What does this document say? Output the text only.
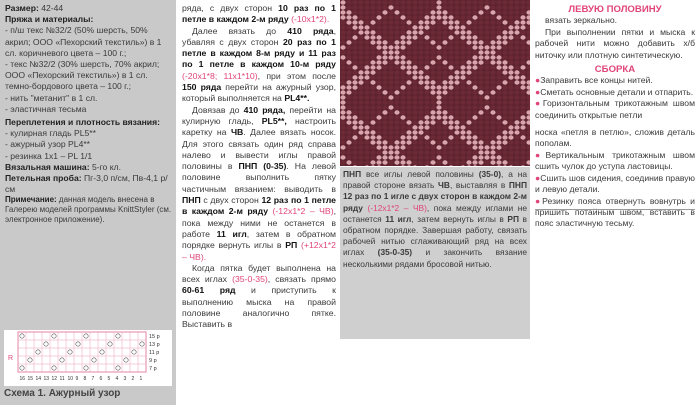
Размер: 42-44

Пряжа и материалы:

- п/ш текс №32/2 (50% шерсть, 50% акрил; ООО «Пехорский текстиль») в 1 сл. коричневого цвета – 100 г.;

- текс №32/2 (30% шерсть, 70% акрил; ООО «Пехорский текстиль») в 1 сл. темно-бордового цвета – 100 г.;

- нить "метанит" в 1 сл.

- эластичная тесьма

Переплетения и плотность вязания:

- кулирная гладь PL5**

- ажурный узор PL4**

- резинка 1х1 – PL 1/1

Вязальная машина: 5-го кл.

Петельная проба: Пг-3,0 п/см, Пв-4,1 р/см

Примечание: данная модель внесена в Галерею моделей программы KnittStyler (см. электронное приложение).

15 р
13 р
11 р
9 р
7 р
16 15 14 13 12 11 10 9 8 7 6 5 4 3 2 1
R
Схема 1. Ажурный узор

ряда, с двух сторон 10 раз по 1 петле в каждом 2-м ряду (-10х1*2).

Далее вязать до 410 ряда, убавляя с двух сторон 20 раз по 1 петле в каждом 8-м ряду и 11 раз по 1 петле в каждом 10-м ряду (-20х1*8; 11х1*10), при этом после 150 ряда перейти на ажурный узор, который выполняется на PL4**.

Довязав до 410 ряда, перейти на кулирную гладь, PL5**, настроить каретку на ЧВ. Далее вязать носок. Для этого связать один ряд справа налево и вывести иглы правой половины в ПНП (0-35). На левой половине выполнить пятку частичным вязанием: выводить в ПНП с двух сторон 12 раз по 1 петле в каждом 2-м ряду (-12х1*2 – ЧВ), пока между ними не останется в работе 11 игл, затем в обратном порядке вернуть иглы в РП (+12х1*2 – ЧВ).

Когда пятка будет выполнена на всех иглах (35-0-35), связать прямо 60-61 ряд и приступить к выполнению мыска на правой половине аналогично пятке. Выставить в

ПНП все иглы левой половины (35-0), а на правой стороне вязать ЧВ, выставляя в ПНП 12 раз по 1 игле с двух сторон в каждом 2-м ряду (-12х1*2 – ЧВ), пока между иглами не останется 11 игл, затем вернуть иглы в РП в обратном порядке. Завершая работу, связать рабочей нитью сглаживающий ряд на всех иглах (35-0-35) и закончить вязание несколькими рядами бросовой нитью.

ЛЕВУЮ ПОЛОВИНУ

вязать зеркально.

При выполнении пятки и мыска к рабочей нити можно добавить х/б ниточку или плотную синтетическую.

СБОРКА

●Заправить все концы нитей.

●Сметать основные детали и отпарить.

●Горизонтальным трикотажным швом соединить открытые петли

носка «петля в петлю», сложив деталь пополам.

●Вертикальным трикотажным швом сшить чулок до уступа ластовицы.

●Сшить шов сидения, соединив правую и левую детали.

●Резинку пояса отвернуть вовнутрь и пришить потайным швом, вставить в пояс эластичную тесьму.
